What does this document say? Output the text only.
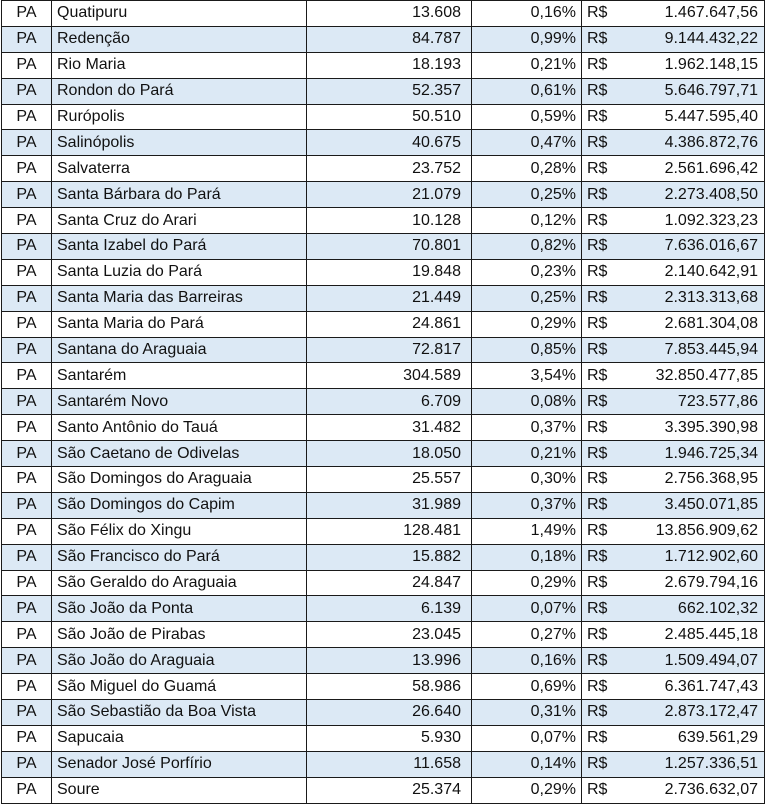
PA	Quatipuru	13.608	0,16%	R$	1.467.647,56
PA	Redenção	84.787	0,99%	R$	9.144.432,22
PA	Rio Maria	18.193	0,21%	R$	1.962.148,15
PA	Rondon do Pará	52.357	0,61%	R$	5.646.797,71
PA	Rurópolis	50.510	0,59%	R$	5.447.595,40
PA	Salinópolis	40.675	0,47%	R$	4.386.872,76
PA	Salvaterra	23.752	0,28%	R$	2.561.696,42
PA	Santa Bárbara do Pará	21.079	0,25%	R$	2.273.408,50
PA	Santa Cruz do Arari	10.128	0,12%	R$	1.092.323,23
PA	Santa Izabel do Pará	70.801	0,82%	R$	7.636.016,67
PA	Santa Luzia do Pará	19.848	0,23%	R$	2.140.642,91
PA	Santa Maria das Barreiras	21.449	0,25%	R$	2.313.313,68
PA	Santa Maria do Pará	24.861	0,29%	R$	2.681.304,08
PA	Santana do Araguaia	72.817	0,85%	R$	7.853.445,94
PA	Santarém	304.589	3,54%	R$	32.850.477,85
PA	Santarém Novo	6.709	0,08%	R$	723.577,86
PA	Santo Antônio do Tauá	31.482	0,37%	R$	3.395.390,98
PA	São Caetano de Odivelas	18.050	0,21%	R$	1.946.725,34
PA	São Domingos do Araguaia	25.557	0,30%	R$	2.756.368,95
PA	São Domingos do Capim	31.989	0,37%	R$	3.450.071,85
PA	São Félix do Xingu	128.481	1,49%	R$	13.856.909,62
PA	São Francisco do Pará	15.882	0,18%	R$	1.712.902,60
PA	São Geraldo do Araguaia	24.847	0,29%	R$	2.679.794,16
PA	São João da Ponta	6.139	0,07%	R$	662.102,32
PA	São João de Pirabas	23.045	0,27%	R$	2.485.445,18
PA	São João do Araguaia	13.996	0,16%	R$	1.509.494,07
PA	São Miguel do Guamá	58.986	0,69%	R$	6.361.747,43
PA	São Sebastião da Boa Vista	26.640	0,31%	R$	2.873.172,47
PA	Sapucaia	5.930	0,07%	R$	639.561,29
PA	Senador José Porfírio	11.658	0,14%	R$	1.257.336,51
PA	Soure	25.374	0,29%	R$	2.736.632,07
